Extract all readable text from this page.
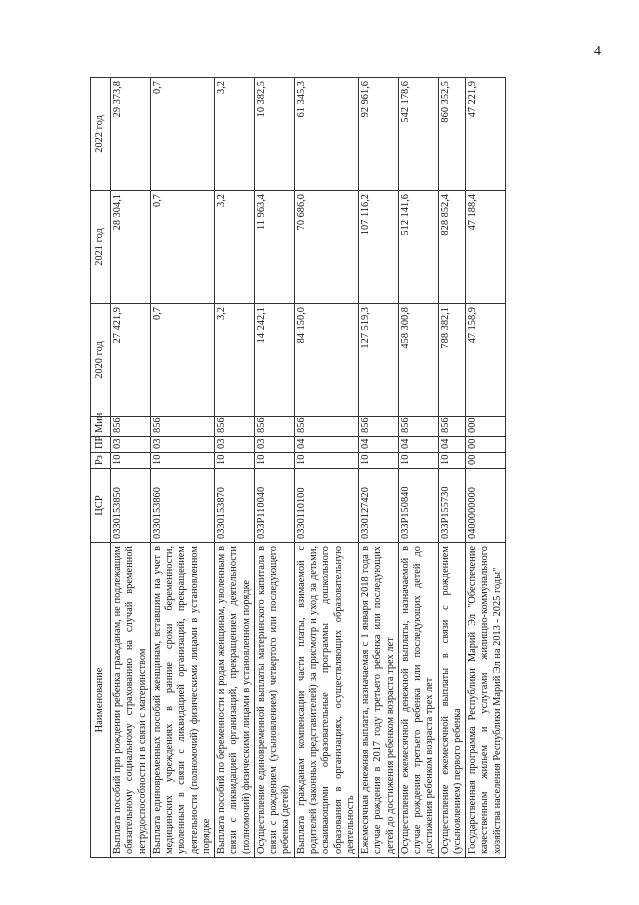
4
Наименование	ЦСР	Рз	ПР	Мин	2020 год	2021 год	2022 год
Выплата пособий при рождении ребенка гражданам, не подлежащим обязательному социальному страхованию на случай временной нетрудоспособности и в связи с материнством	0330153850	10	03	856	27 421,9	28 304,1	29 373,8
Выплата единовременных пособий женщинам, вставшим на учет в медицинских учреждениях в ранние сроки беременности, уволенным в связи с ликвидацией организаций, прекращением деятельности (полномочий) физическими лицами в установленном порядке	0330153860	10	03	856	0,7	0,7	0,7
Выплата пособий по беременности и родам женщинам, уволенным в связи с ликвидацией организаций, прекращением деятельности (полномочий) физическими лицами в установленном порядке	0330153870	10	03	856	3,2	3,2	3,2
Осуществление единовременной выплаты материнского капитала в связи с рождением (усыновлением) четвертого или последующего ребенка (детей)	033Р110040	10	03	856	14 242,1	11 963,4	10 382,5
Выплата гражданам компенсации части платы, взимаемой с родителей (законных представителей) за присмотр и уход за детьми, осваивающими образовательные программы дошкольного образования в организациях, осуществляющих образовательную деятельность	0330110100	10	04	856	84 150,0	70 686,0	61 345,3
Ежемесячная денежная выплата, назначаемая с 1 января 2018 года в случае рождения в 2017 году третьего ребенка или последующих детей до достижения ребенком возраста трех лет	0330127420	10	04	856	127 519,3	107 116,2	92 961,6
Осуществление ежемесячной денежной выплаты, назначаемой в случае рождения третьего ребенка или последующих детей до достижения ребенком возраста трех лет	033Р150840	10	04	856	458 300,8	512 141,6	542 178,6
Осуществление ежемесячной выплаты в связи с рождением (усыновлением) первого ребенка	033Р155730	10	04	856	788 382,1	828 852,4	860 352,5
Государственная программа Республики Марий Эл "Обеспечение качественным жильем и услугами жилищно-коммунального хозяйства населения Республики Марий Эл на 2013 - 2025 годы"	0400000000	00	00	000	47 158,9	47 188,4	47 221,9
